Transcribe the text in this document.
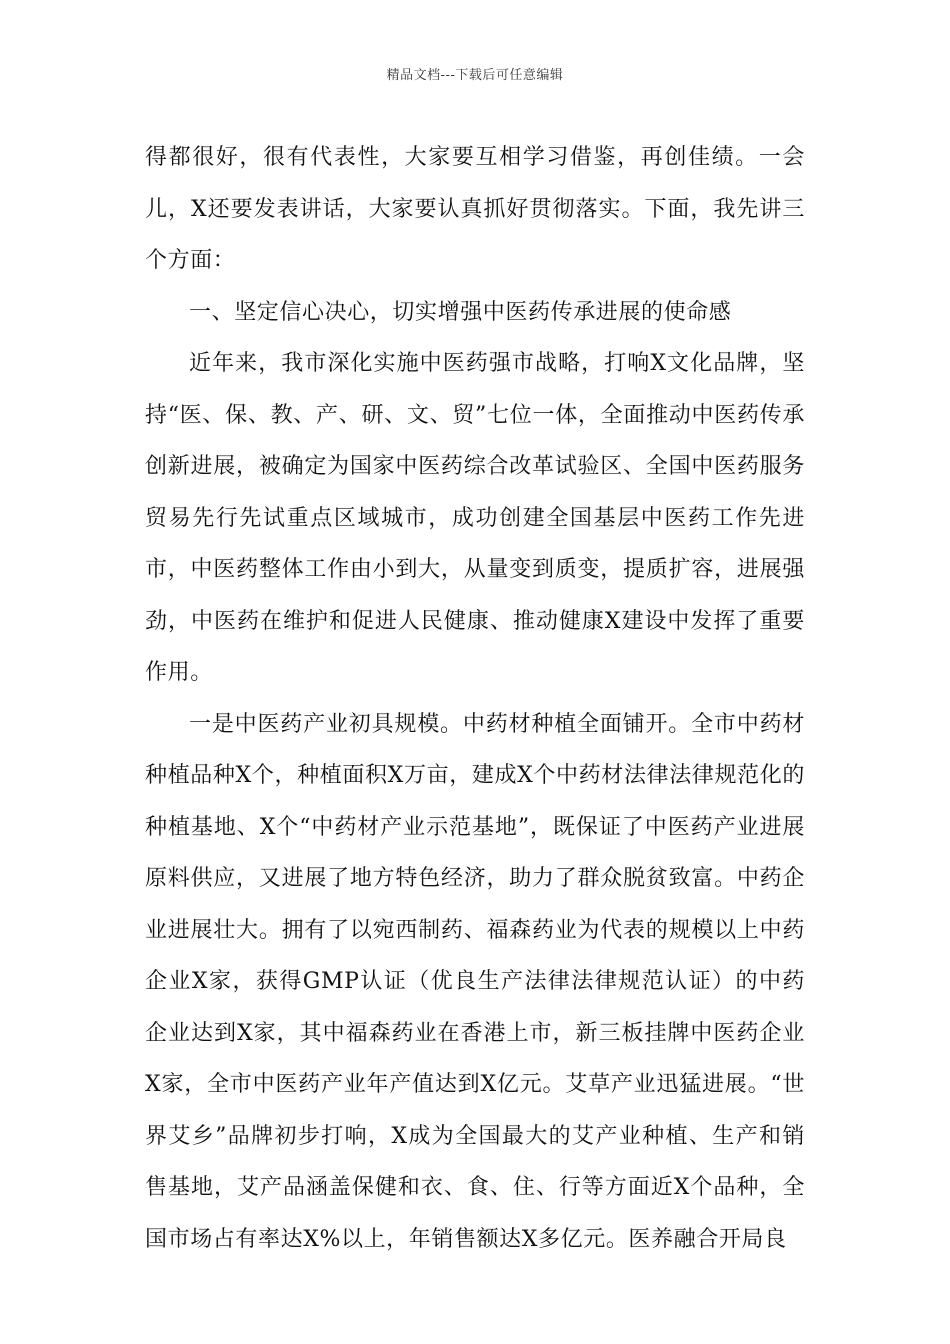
精品文档---下载后可任意编辑

得都很好，很有代表性，大家要互相学习借鉴，再创佳绩。一会儿，X还要发表讲话，大家要认真抓好贯彻落实。下面，我先讲三个方面：

一、坚定信心决心，切实增强中医药传承进展的使命感

近年来，我市深化实施中医药强市战略，打响X文化品牌，坚持“医、保、教、产、研、文、贸”七位一体，全面推动中医药传承创新进展，被确定为国家中医药综合改革试验区、全国中医药服务贸易先行先试重点区域城市，成功创建全国基层中医药工作先进市，中医药整体工作由小到大，从量变到质变，提质扩容，进展强劲，中医药在维护和促进人民健康、推动健康X建设中发挥了重要作用。

一是中医药产业初具规模。中药材种植全面铺开。全市中药材种植品种X个，种植面积X万亩，建成X个中药材法律法律规范化的种植基地、X个“中药材产业示范基地”，既保证了中医药产业进展原料供应，又进展了地方特色经济，助力了群众脱贫致富。中药企业进展壮大。拥有了以宛西制药、福森药业为代表的规模以上中药企业X家，获得GMP认证（优良生产法律法律规范认证）的中药企业达到X家，其中福森药业在香港上市，新三板挂牌中医药企业X家，全市中医药产业年产值达到X亿元。艾草产业迅猛进展。“世界艾乡”品牌初步打响，X成为全国最大的艾产业种植、生产和销售基地，艾产品涵盖保健和衣、食、住、行等方面近X个品种，全国市场占有率达X%以上，年销售额达X多亿元。医养融合开局良
